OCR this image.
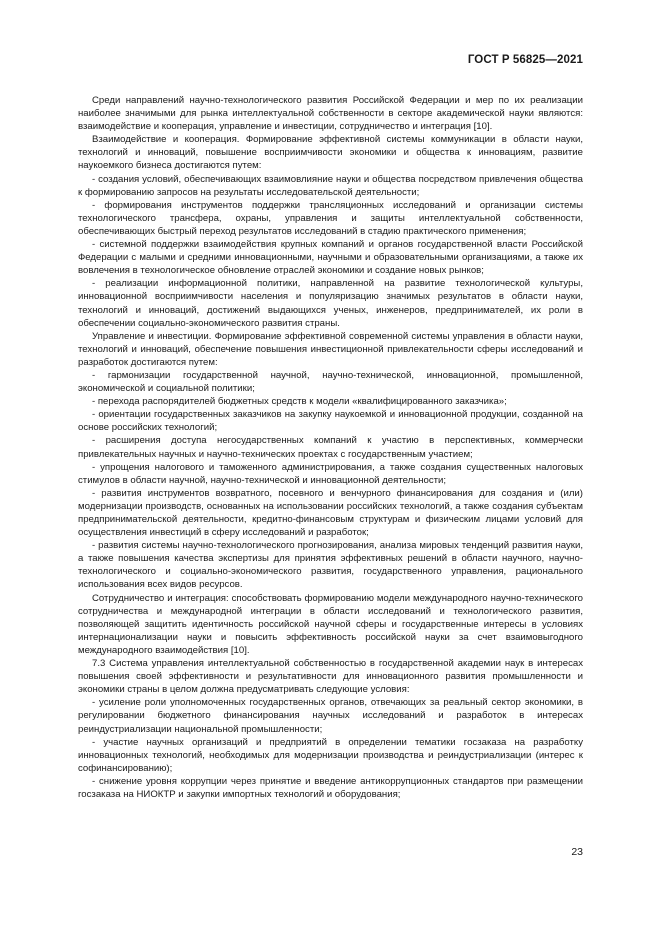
ГОСТ Р 56825—2021

Среди направлений научно-технологического развития Российской Федерации и мер по их реализации наиболее значимыми для рынка интеллектуальной собственности в секторе академической науки являются: взаимодействие и кооперация, управление и инвестиции, сотрудничество и интеграция [10].

Взаимодействие и кооперация. Формирование эффективной системы коммуникации в области науки, технологий и инноваций, повышение восприимчивости экономики и общества к инновациям, развитие наукоемкого бизнеса достигаются путем:

- создания условий, обеспечивающих взаимовлияние науки и общества посредством привлечения общества к формированию запросов на результаты исследовательской деятельности;

- формирования инструментов поддержки трансляционных исследований и организации системы технологического трансфера, охраны, управления и защиты интеллектуальной собственности, обеспечивающих быстрый переход результатов исследований в стадию практического применения;

- системной поддержки взаимодействия крупных компаний и органов государственной власти Российской Федерации с малыми и средними инновационными, научными и образовательными организациями, а также их вовлечения в технологическое обновление отраслей экономики и создание новых рынков;

- реализации информационной политики, направленной на развитие технологической культуры, инновационной восприимчивости населения и популяризацию значимых результатов в области науки, технологий и инноваций, достижений выдающихся ученых, инженеров, предпринимателей, их роли в обеспечении социально-экономического развития страны.

Управление и инвестиции. Формирование эффективной современной системы управления в области науки, технологий и инноваций, обеспечение повышения инвестиционной привлекательности сферы исследований и разработок достигаются путем:

- гармонизации государственной научной, научно-технической, инновационной, промышленной, экономической и социальной политики;

- перехода распорядителей бюджетных средств к модели «квалифицированного заказчика»;

- ориентации государственных заказчиков на закупку наукоемкой и инновационной продукции, созданной на основе российских технологий;

- расширения доступа негосударственных компаний к участию в перспективных, коммерчески привлекательных научных и научно-технических проектах с государственным участием;

- упрощения налогового и таможенного администрирования, а также создания существенных налоговых стимулов в области научной, научно-технической и инновационной деятельности;

- развития инструментов возвратного, посевного и венчурного финансирования для создания и (или) модернизации производств, основанных на использовании российских технологий, а также создания субъектам предпринимательской деятельности, кредитно-финансовым структурам и физическим лицами условий для осуществления инвестиций в сферу исследований и разработок;

- развития системы научно-технологического прогнозирования, анализа мировых тенденций развития науки, а также повышения качества экспертизы для принятия эффективных решений в области научного, научно-технологического и социально-экономического развития, государственного управления, рационального использования всех видов ресурсов.

Сотрудничество и интеграция: способствовать формированию модели международного научно-технического сотрудничества и международной интеграции в области исследований и технологического развития, позволяющей защитить идентичность российской научной сферы и государственные интересы в условиях интернационализации науки и повысить эффективность российской науки за счет взаимовыгодного международного взаимодействия [10].

7.3 Система управления интеллектуальной собственностью в государственной академии наук в интересах повышения своей эффективности и результативности для инновационного развития промышленности и экономики страны в целом должна предусматривать следующие условия:

- усиление роли уполномоченных государственных органов, отвечающих за реальный сектор экономики, в регулировании бюджетного финансирования научных исследований и разработок в интересах реиндустриализации национальной промышленности;

- участие научных организаций и предприятий в определении тематики госзаказа на разработку инновационных технологий, необходимых для модернизации производства и реиндустриализации (интерес к софинансированию);

- снижение уровня коррупции через принятие и введение антикоррупционных стандартов при размещении госзаказа на НИОКТР и закупки импортных технологий и оборудования;

23
